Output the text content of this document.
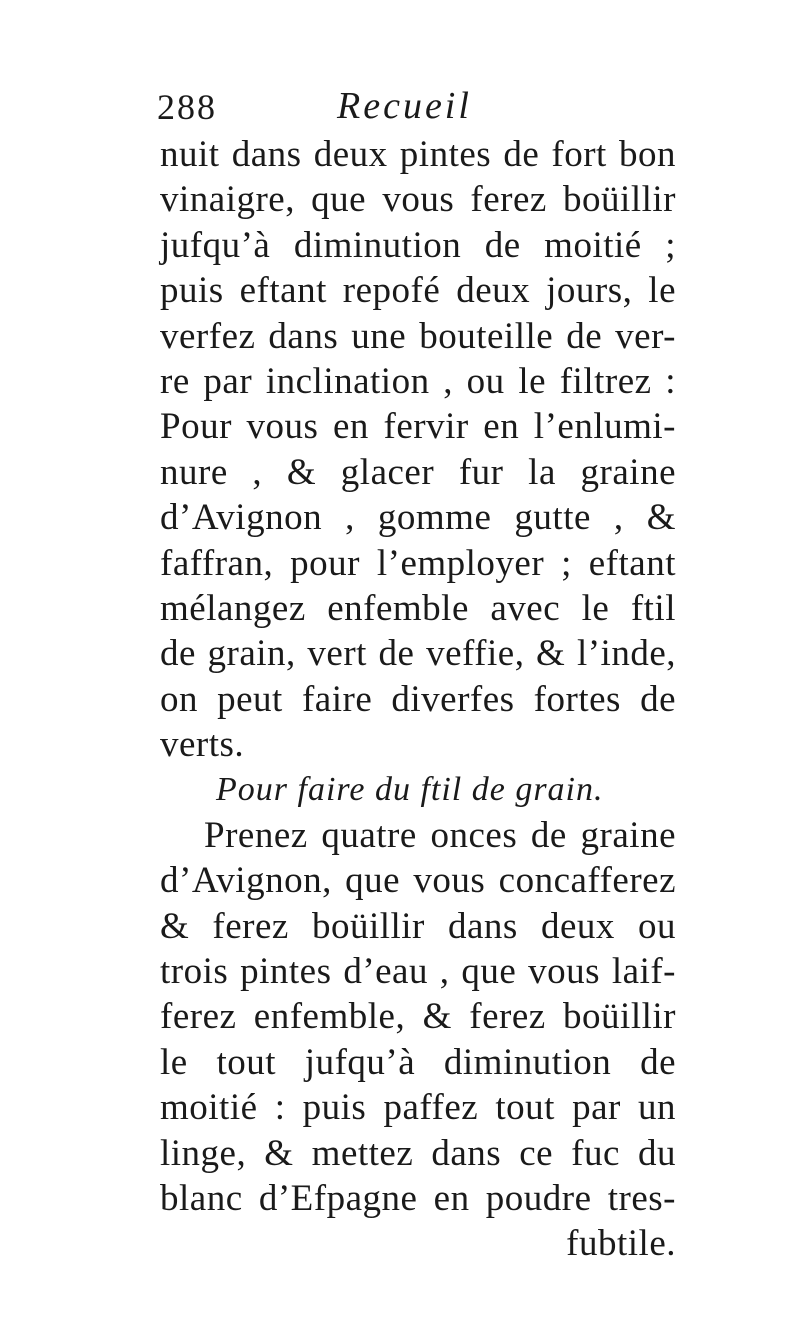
288	Recueil
nuit dans deux pintes de fort bon
vinaigre, que vous ferez boüillir
jufqu’à diminution de moitié ;
puis eftant repofé deux jours, le
verfez dans une bouteille de ver-
re par inclination , ou le filtrez :
Pour vous en fervir en l’enlumi-
nure , & glacer fur la graine
d’Avignon , gomme gutte , &
faffran, pour l’employer ; eftant
mélangez enfemble avec le ftil
de grain, vert de veffie, & l’inde,
on peut faire diverfes fortes de
verts.
Pour faire du ftil de grain.
Prenez quatre onces de graine
d’Avignon, que vous concafferez
& ferez boüillir dans deux ou
trois pintes d’eau , que vous laif-
ferez enfemble, & ferez boüillir
le tout jufqu’à diminution de
moitié : puis paffez tout par un
linge, & mettez dans ce fuc du
blanc d’Efpagne en poudre tres-
fubtile.
